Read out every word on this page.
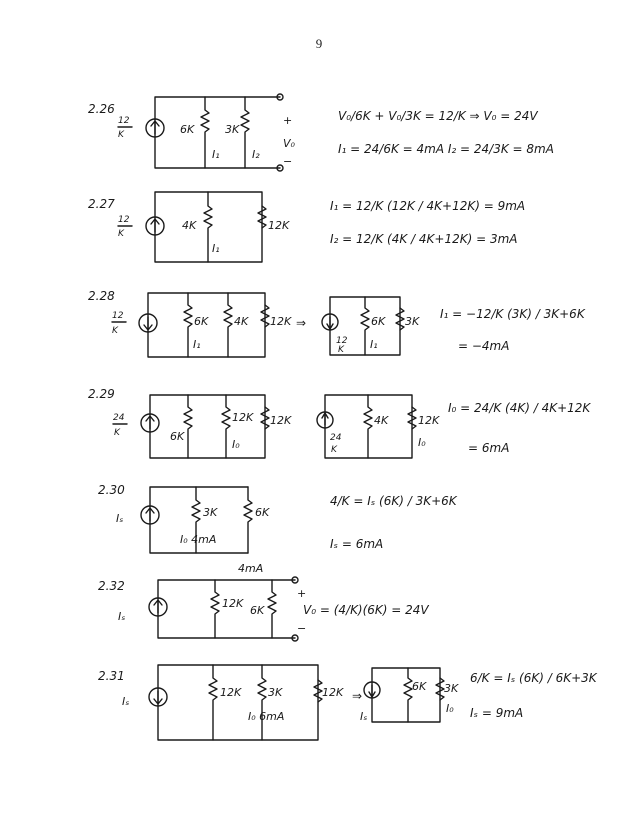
9
2.26
12
K	6K	3K
+
V₀
−
I₁	I₂
V₀/6K + V₀/3K = 12/K ⇒ V₀ = 24V
I₁ = 24/6K = 4mA I₂ = 24/3K = 8mA
2.27
12
K
4K	12K
I₁
I₁ = 12/K (12K / 4K+12K) = 9mA
I₂ = 12/K (4K / 4K+12K) = 3mA
2.28
12
K
6K 4K 12K
I₁
⇒	6K 3K
12
K I₁
I₁ = −12/K (3K) / 3K+6K
= −4mA
2.29
24
K	6K
12K 12K
I₀
4K	12K
24
K
I₀
I₀ = 24/K (4K) / 4K+12K
= 6mA
2.30
Iₛ	3K	6K
I₀ 4mA
4/K = Iₛ (6K) / 3K+6K
Iₛ = 6mA
2.32
Iₛ
12K
6K
4mA
+
−
V₀ = (4/K)(6K) = 24V
2.31
Iₛ
12K 3K	12K
I₀ 6mA
⇒
6K 3K
Iₛ
I₀
6/K = Iₛ (6K) / 6K+3K
Iₛ = 9mA
